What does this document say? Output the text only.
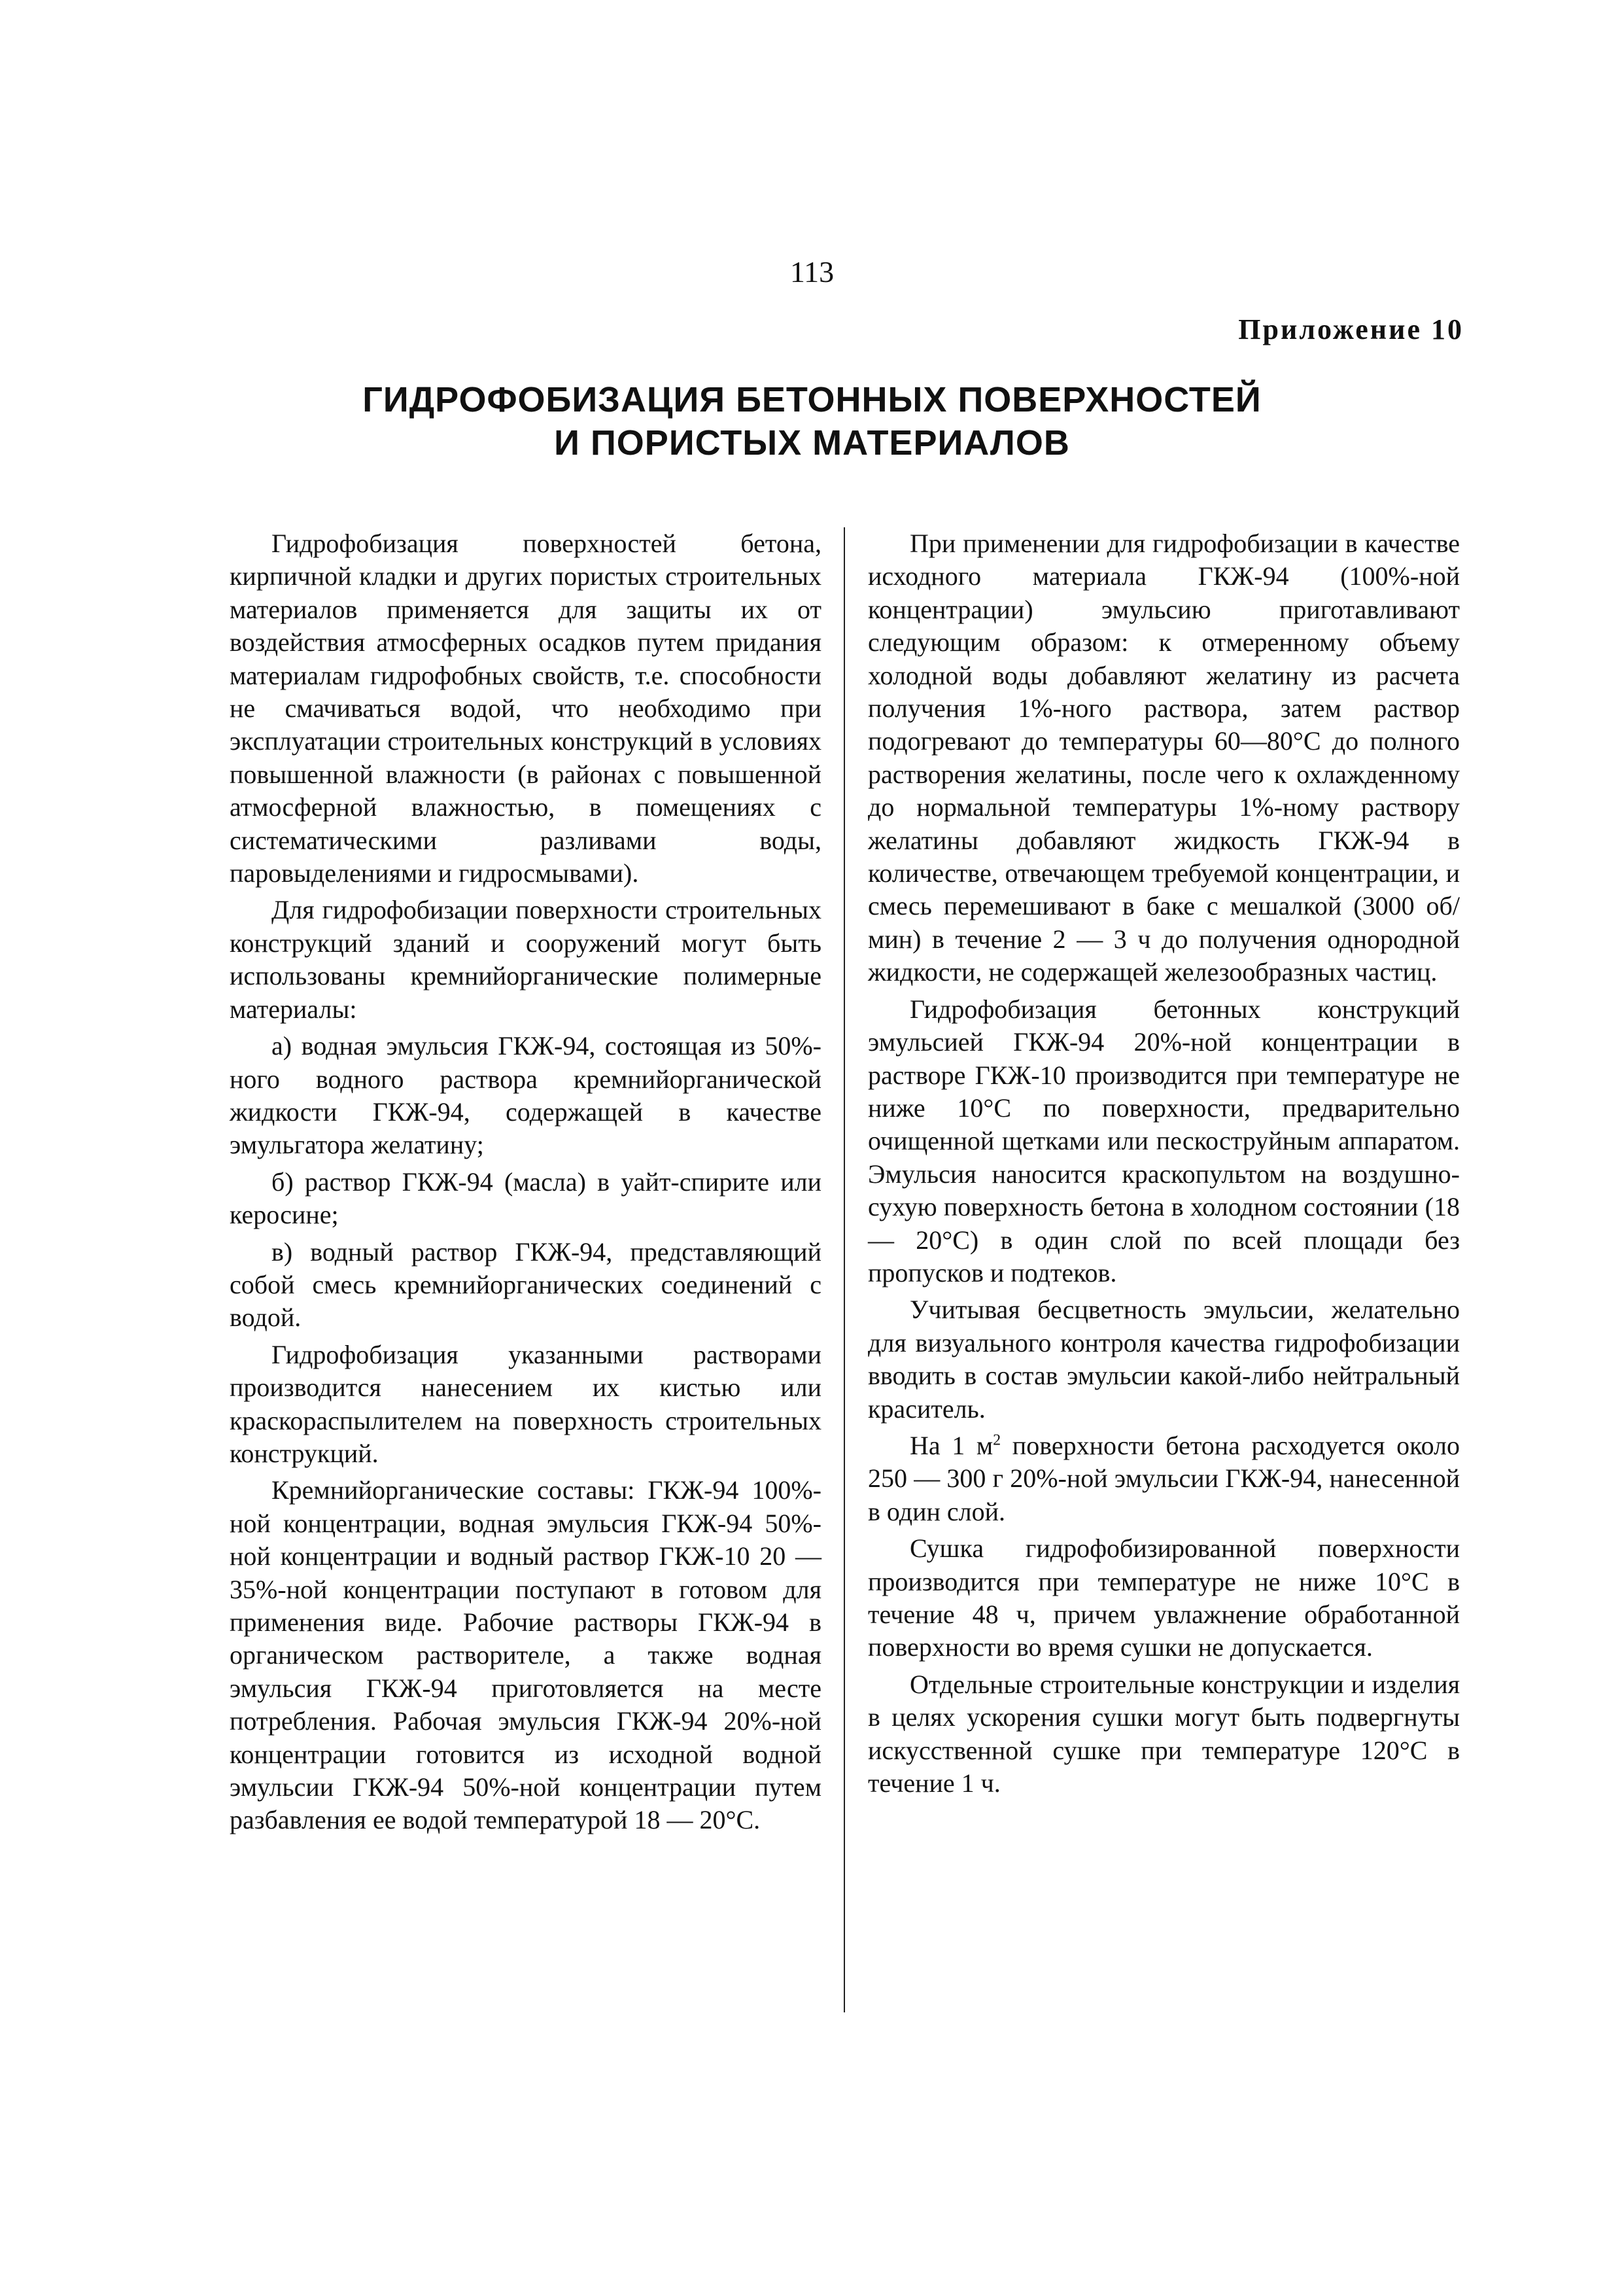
113
Приложение 10
ГИДРОФОБИЗАЦИЯ БЕТОННЫХ ПОВЕРХНОСТЕЙ
И ПОРИСТЫХ МАТЕРИАЛОВ

Гидрофобизация поверхностей бетона, кирпичной кладки и других пористых строительных материалов применяется для защиты их от воздействия атмосферных осадков путем придания материалам гидрофобных свойств, т.е. способности не смачиваться водой, что необходимо при эксплуатации строительных конструкций в условиях повышенной влажности (в районах с повышенной атмосферной влажностью, в помещениях с систематическими разливами воды, паровыделениями и гидросмывами).

Для гидрофобизации поверхности строительных конструкций зданий и сооружений могут быть использованы кремнийорганические полимерные материалы:

а) водная эмульсия ГКЖ-94, состоящая из 50%-ного водного раствора кремнийорганической жидкости ГКЖ-94, содержащей в качестве эмульгатора желатину;

б) раствор ГКЖ-94 (масла) в уайт-спирите или керосине;

в) водный раствор ГКЖ-94, представляющий собой смесь кремнийорганических соединений с водой.

Гидрофобизация указанными растворами производится нанесением их кистью или краскораспылителем на поверхность строительных конструкций.

Кремнийорганические составы: ГКЖ-94 100%-ной концентрации, водная эмульсия ГКЖ-94 50%-ной концентрации и водный раствор ГКЖ-10 20 — 35%-ной концентрации поступают в готовом для применения виде. Рабочие растворы ГКЖ-94 в органическом растворителе, а также водная эмульсия ГКЖ-94 приготовляется на месте потребления. Рабочая эмульсия ГКЖ-94 20%-ной концентрации готовится из исходной водной эмульсии ГКЖ-94 50%-ной концентрации путем разбавления ее водой температурой 18 — 20°С.

При применении для гидрофобизации в качестве исходного материала ГКЖ-94 (100%-ной концентрации) эмульсию приготавливают следующим образом: к отмеренному объему холодной воды добавляют желатину из расчета получения 1%-ного раствора, затем раствор подогревают до температуры 60—80°С до полного растворения желатины, после чего к охлажденному до нормальной температуры 1%-ному раствору желатины добавляют жидкость ГКЖ-94 в количестве, отвечающем требуемой концентрации, и смесь перемешивают в баке с мешалкой (3000 об/мин) в течение 2 — 3 ч до получения однородной жидкости, не содержащей железообразных частиц.

Гидрофобизация бетонных конструкций эмульсией ГКЖ-94 20%-ной концентрации в растворе ГКЖ-10 производится при температуре не ниже 10°С по поверхности, предварительно очищенной щетками или пескоструйным аппаратом. Эмульсия наносится краскопультом на воздушно-сухую поверхность бетона в холодном состоянии (18 — 20°С) в один слой по всей площади без пропусков и подтеков.

Учитывая бесцветность эмульсии, желательно для визуального контроля качества гидрофобизации вводить в состав эмульсии какой-либо нейтральный краситель.

На 1 $м^2$ поверхности бетона расходуется около 250 — 300 г 20%-ной эмульсии ГКЖ-94, нанесенной в один слой.

Сушка гидрофобизированной поверхности производится при температуре не ниже 10°С в течение 48 ч, причем увлажнение обработанной поверхности во время сушки не допускается.

Отдельные строительные конструкции и изделия в целях ускорения сушки могут быть подвергнуты искусственной сушке при температуре 120°С в течение 1 ч.
